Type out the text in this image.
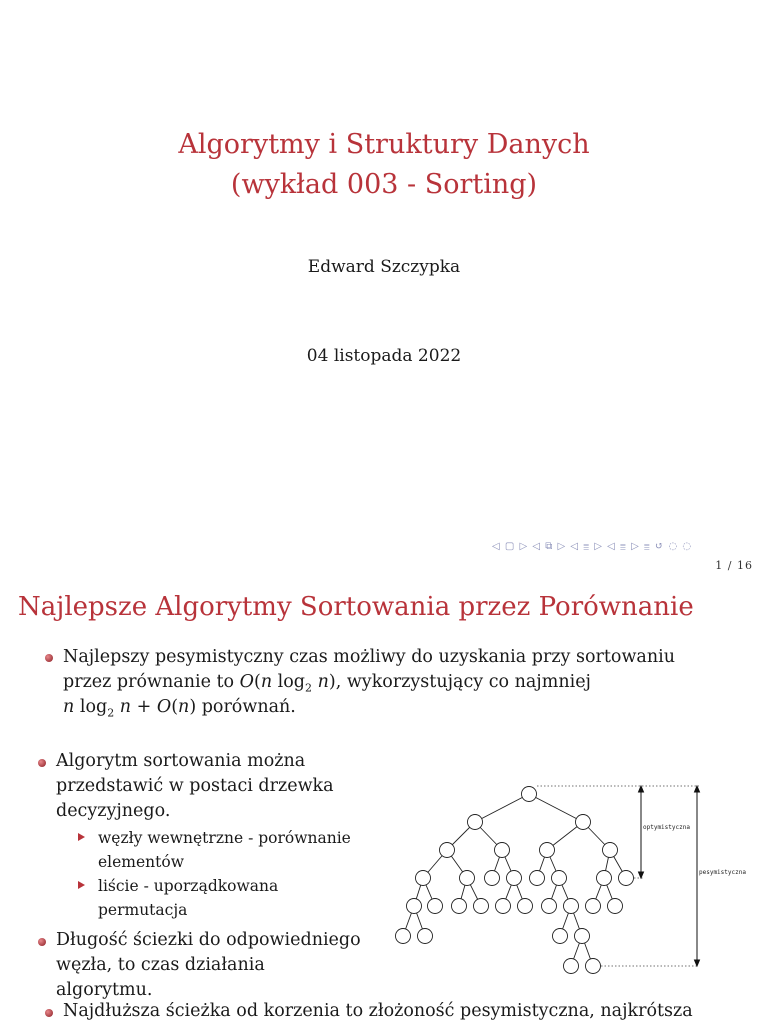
Algorytmy i Struktury Danych
(wykład 003 - Sorting)
Edward Szczypka
04 listopada 2022
◁ ▢ ▷ ◁ ⧉ ▷ ◁ ≣ ▷ ◁ ≣ ▷ ≣ ↺ ◌ ◌
1 / 16
Najlepsze Algorytmy Sortowania przez Porównanie
Najlepszy pesymistyczny czas możliwy do uzyskania przy sortowaniu
przez prównanie to O(n $\log_2 n$), wykorzystujący co najmniej
n $\log_2 n + O(n)$ porównań.
Algorytm sortowania można
przedstawić w postaci drzewka
decyzyjnego.
węzły wewnętrzne - porównanie
elementów
liście - uporządkowana
permutacja
Długość ściezki do odpowiedniego
węzła, to czas działania
algorytmu.
Najdłuższa ścieżka od korzenia to złożoność pesymistyczna, najkrótsza
optymistyczna
pesymistyczna
